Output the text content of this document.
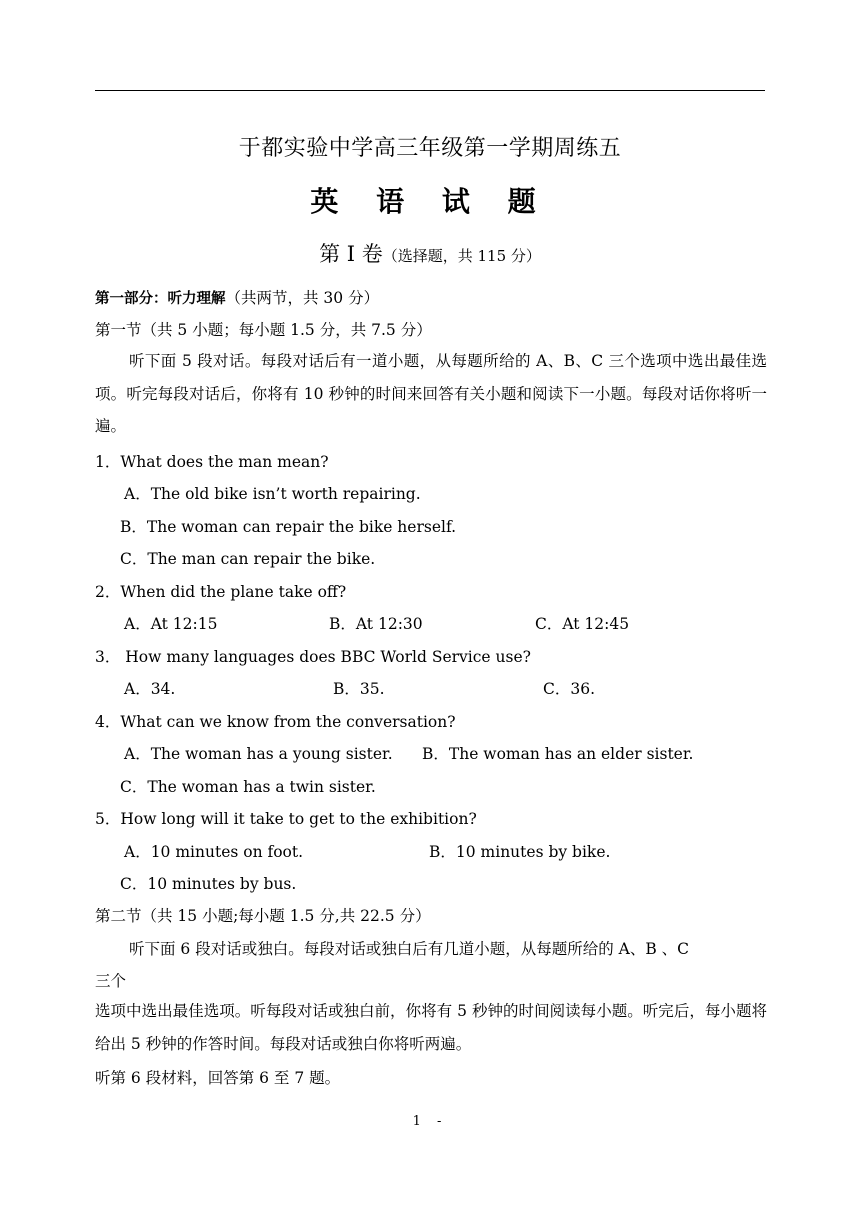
于都实验中学高三年级第一学期周练五
英 语 试 题
第 Ⅰ 卷（选择题，共 115 分）
第一部分：听力理解（共两节，共 30 分）
第一节（共 5 小题；每小题 1.5 分，共 7.5 分）
听下面 5 段对话。每段对话后有一道小题，从每题所给的 A、B、C 三个选项中选出最佳选项。听完每段对话后，你将有 10 秒钟的时间来回答有关小题和阅读下一小题。每段对话你将听一遍。
1．What does the man mean?
A．The old bike isn’t worth repairing.
B．The woman can repair the bike herself.
C．The man can repair the bike.
2．When did the plane take off?
A．At 12:15	B．At 12:30	C．At 12:45
3． How many languages does BBC World Service use?
A．34.	B．35.	C．36.
4．What can we know from the conversation?
A．The woman has a young sister. B．The woman has an elder sister.
C．The woman has a twin sister.
5．How long will it take to get to the exhibition?
A．10 minutes on foot.	B．10 minutes by bike.
C．10 minutes by bus.
第二节（共 15 小题;每小题 1.5 分,共 22.5 分）
听下面 6 段对话或独白。每段对话或独白后有几道小题，从每题所给的 A、B 、C
三个
选项中选出最佳选项。听每段对话或独白前，你将有 5 秒钟的时间阅读每小题。听完后，每小题将给出 5 秒钟的作答时间。每段对话或独白你将听两遍。
听第 6 段材料，回答第 6 至 7 题。
1 -
